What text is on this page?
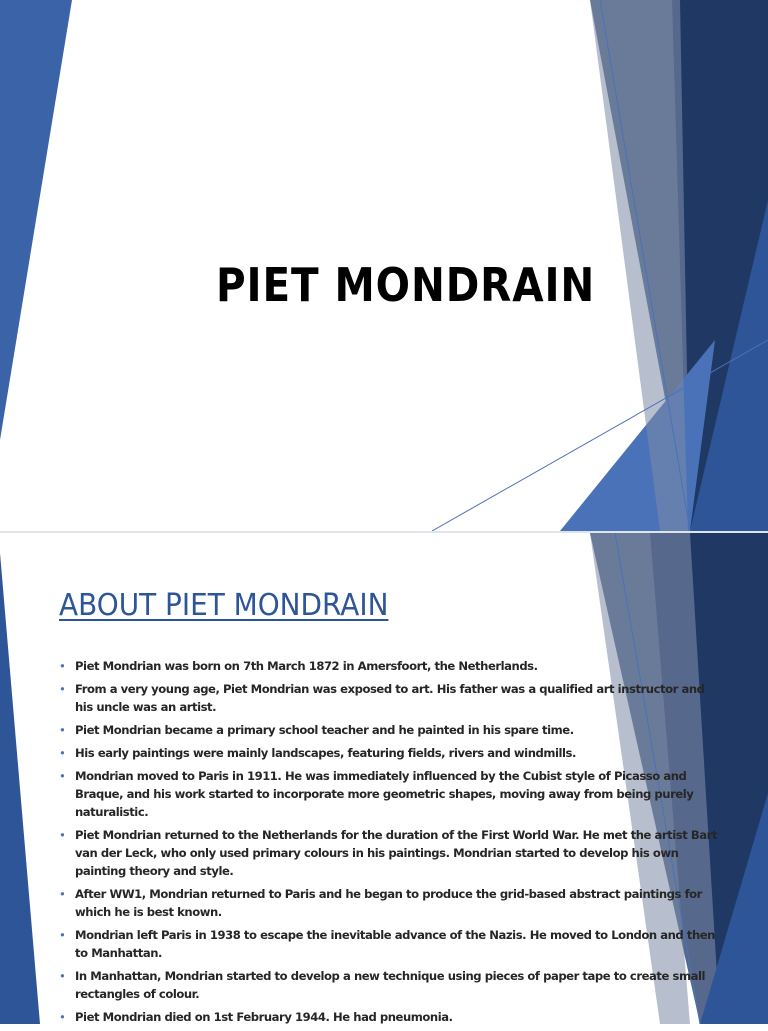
PIET MONDRAIN
ABOUT PIET MONDRAIN
• Piet Mondrian was born on 7th March 1872 in Amersfoort, the Netherlands.
• From a very young age, Piet Mondrian was exposed to art. His father was a qualified art instructor and his uncle was an artist.
• Piet Mondrian became a primary school teacher and he painted in his spare time.
• His early paintings were mainly landscapes, featuring fields, rivers and windmills.
• Mondrian moved to Paris in 1911. He was immediately influenced by the Cubist style of Picasso and Braque, and his work started to incorporate more geometric shapes, moving away from being purely naturalistic.
• Piet Mondrian returned to the Netherlands for the duration of the First World War. He met the artist Bart van der Leck, who only used primary colours in his paintings. Mondrian started to develop his own painting theory and style.
• After WW1, Mondrian returned to Paris and he began to produce the grid-based abstract paintings for which he is best known.
• Mondrian left Paris in 1938 to escape the inevitable advance of the Nazis. He moved to London and then to Manhattan.
• In Manhattan, Mondrian started to develop a new technique using pieces of paper tape to create small rectangles of colour.
• Piet Mondrian died on 1st February 1944. He had pneumonia.
